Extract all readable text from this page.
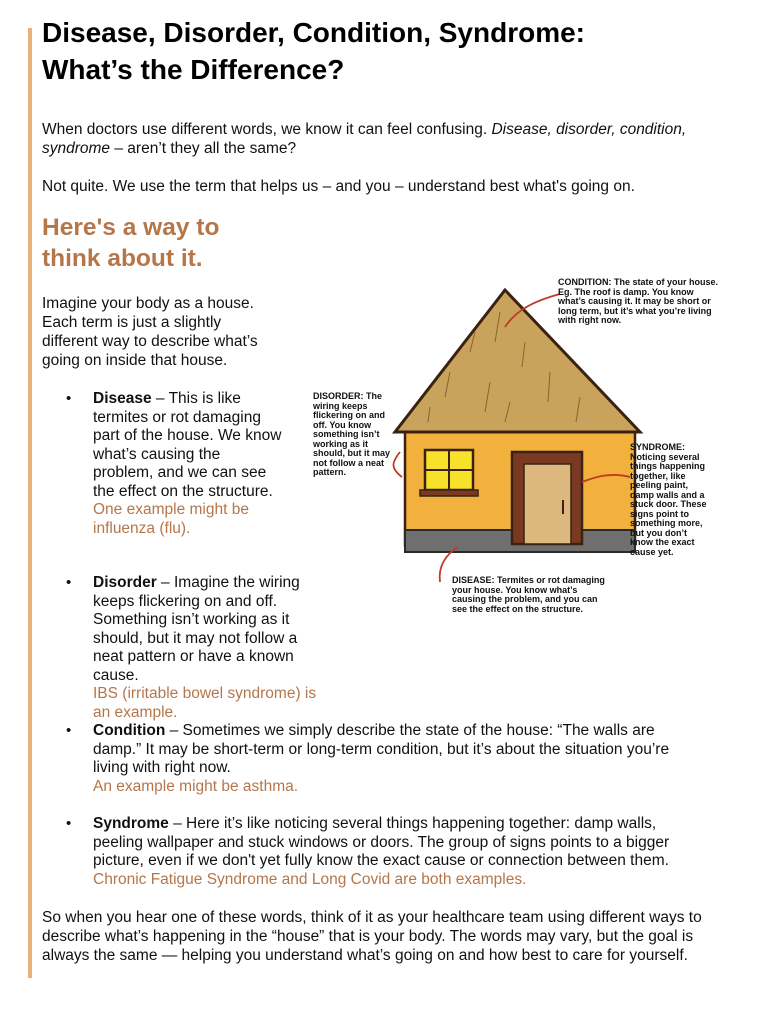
Disease, Disorder, Condition, Syndrome:
What’s the Difference?

When doctors use different words, we know it can feel confusing. Disease, disorder, condition, syndrome – aren’t they all the same?

Not quite. We use the term that helps us – and you – understand best what's going on.

Here's a way to
think about it.

Imagine your body as a house. Each term is just a slightly different way to describe what’s going on inside that house.

• Disease – This is like termites or rot damaging part of the house. We know what’s causing the problem, and we can see the effect on the structure.
One example might be influenza (flu).

• Disorder – Imagine the wiring keeps flickering on and off. Something isn’t working as it should, but it may not follow a neat pattern or have a known cause.
IBS (irritable bowel syndrome) is an example.

• Condition – Sometimes we simply describe the state of the house: “The walls are damp.” It may be short-term or long-term condition, but it’s about the situation you’re living with right now.
An example might be asthma.

• Syndrome – Here it’s like noticing several things happening together: damp walls, peeling wallpaper and stuck windows or doors. The group of signs points to a bigger picture, even if we don't yet fully know the exact cause or connection between them.
Chronic Fatigue Syndrome and Long Covid are both examples.

So when you hear one of these words, think of it as your healthcare team using different ways to describe what’s happening in the “house” that is your body. The words may vary, but the goal is always the same — helping you understand what’s going on and how best to care for yourself.

CONDITION: The state of your house. Eg. The roof is damp. You know what’s causing it. It may be short or long term, but it’s what you’re living with right now.

DISORDER: The wiring keeps flickering on and off. You know something isn’t working as it should, but it may not follow a neat pattern.

SYNDROME: Noticing several things happening together, like peeling paint, damp walls and a stuck door. These signs point to something more, but you don’t know the exact cause yet.

DISEASE: Termites or rot damaging your house. You know what’s causing the problem, and you can see the effect on the structure.
